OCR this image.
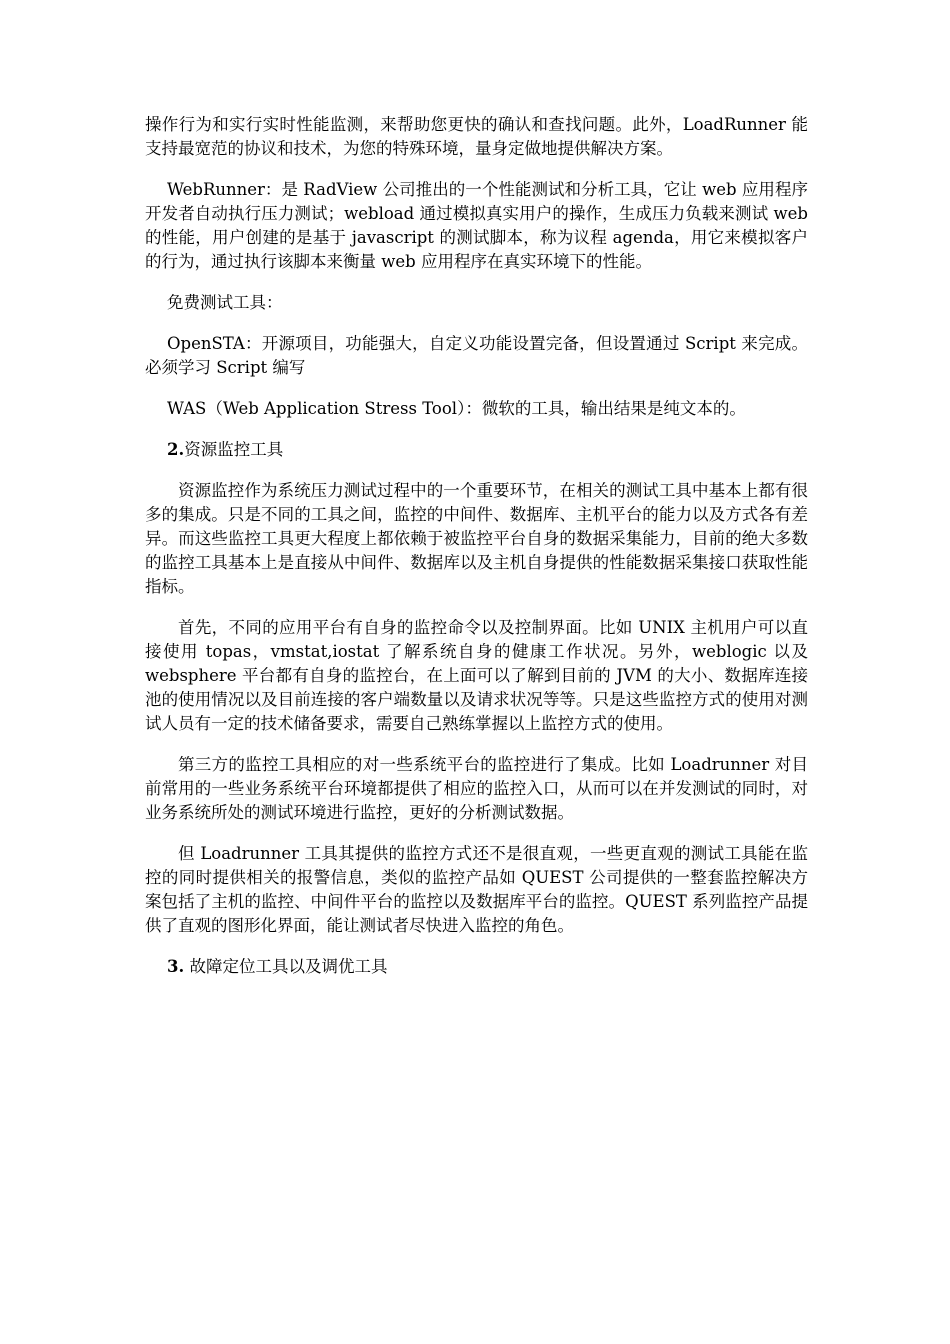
操作行为和实行实时性能监测，来帮助您更快的确认和查找问题。此外，LoadRunner 能支持最宽范的协议和技术，为您的特殊环境，量身定做地提供解决方案。

WebRunner：是 RadView 公司推出的一个性能测试和分析工具，它让 web 应用程序开发者自动执行压力测试；webload 通过模拟真实用户的操作，生成压力负载来测试 web 的性能，用户创建的是基于 javascript 的测试脚本，称为议程 agenda，用它来模拟客户的行为，通过执行该脚本来衡量 web 应用程序在真实环境下的性能。

免费测试工具：

OpenSTA：开源项目，功能强大，自定义功能设置完备，但设置通过 Script 来完成。必须学习 Script 编写

WAS（Web Application Stress Tool）：微软的工具，输出结果是纯文本的。

2.资源监控工具

资源监控作为系统压力测试过程中的一个重要环节，在相关的测试工具中基本上都有很多的集成。只是不同的工具之间，监控的中间件、数据库、主机平台的能力以及方式各有差异。而这些监控工具更大程度上都依赖于被监控平台自身的数据采集能力，目前的绝大多数的监控工具基本上是直接从中间件、数据库以及主机自身提供的性能数据采集接口获取性能指标。

首先，不同的应用平台有自身的监控命令以及控制界面。比如 UNIX 主机用户可以直接使用 topas，vmstat,iostat 了解系统自身的健康工作状况。另外，weblogic 以及 websphere 平台都有自身的监控台，在上面可以了解到目前的 JVM 的大小、数据库连接池的使用情况以及目前连接的客户端数量以及请求状况等等。只是这些监控方式的使用对测试人员有一定的技术储备要求，需要自己熟练掌握以上监控方式的使用。

第三方的监控工具相应的对一些系统平台的监控进行了集成。比如 Loadrunner 对目前常用的一些业务系统平台环境都提供了相应的监控入口，从而可以在并发测试的同时，对业务系统所处的测试环境进行监控，更好的分析测试数据。

但 Loadrunner 工具其提供的监控方式还不是很直观，一些更直观的测试工具能在监控的同时提供相关的报警信息，类似的监控产品如 QUEST 公司提供的一整套监控解决方案包括了主机的监控、中间件平台的监控以及数据库平台的监控。QUEST 系列监控产品提供了直观的图形化界面，能让测试者尽快进入监控的角色。

3. 故障定位工具以及调优工具
